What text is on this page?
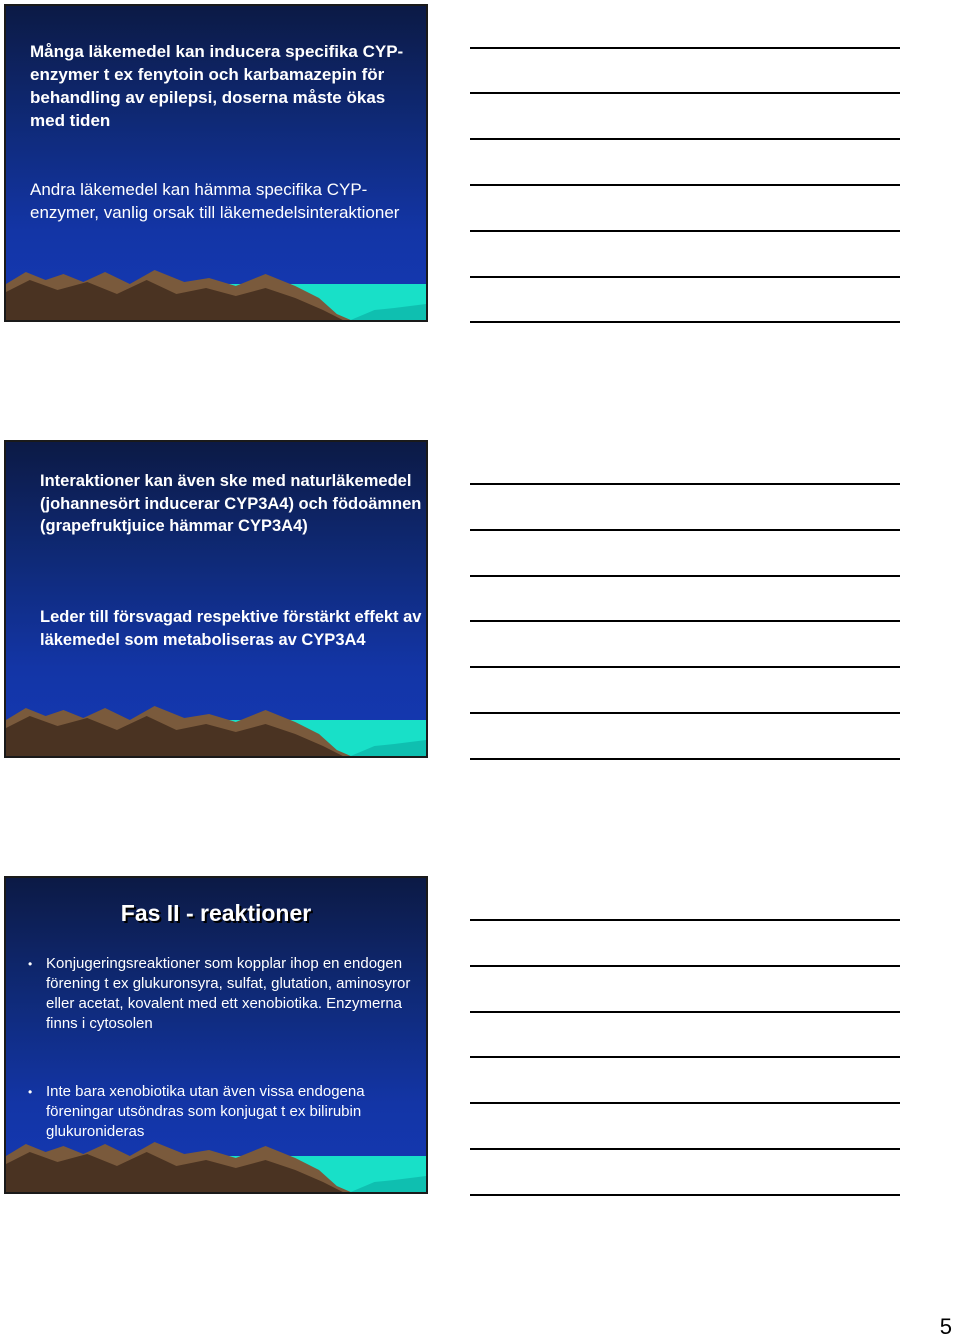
Många läkemedel kan inducera specifika CYP-enzymer t ex fenytoin och karbamazepin för behandling av epilepsi, doserna måste ökas med tiden

Andra läkemedel kan hämma specifika CYP-enzymer, vanlig orsak till läkemedelsinteraktioner

Interaktioner kan även ske med naturläkemedel (johannesört inducerar CYP3A4) och födoämnen (grapefruktjuice hämmar CYP3A4)

Leder till försvagad respektive förstärkt effekt av läkemedel som metaboliseras av CYP3A4

Fas II - reaktioner
• Konjugeringsreaktioner som kopplar ihop en endogen förening t ex glukuronsyra, sulfat, glutation, aminosyror eller acetat, kovalent med ett xenobiotika. Enzymerna finns i cytosolen
• Inte bara xenobiotika utan även vissa endogena föreningar utsöndras som konjugat t ex bilirubin glukuronideras
5
